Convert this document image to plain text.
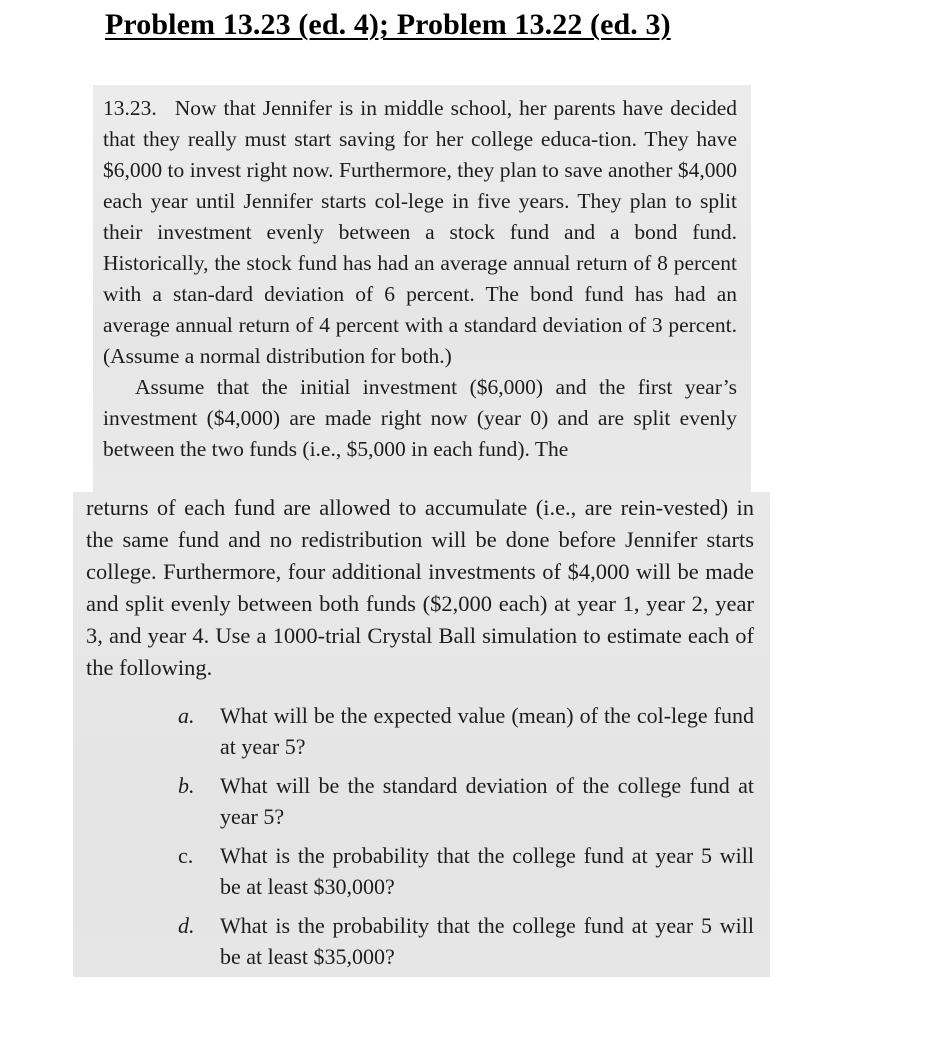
Problem 13.23 (ed. 4); Problem 13.22 (ed. 3)
13.23. Now that Jennifer is in middle school, her parents have decided that they really must start saving for her college educa-tion. They have $6,000 to invest right now. Furthermore, they plan to save another $4,000 each year until Jennifer starts col-lege in five years. They plan to split their investment evenly between a stock fund and a bond fund. Historically, the stock fund has had an average annual return of 8 percent with a stan-dard deviation of 6 percent. The bond fund has had an average annual return of 4 percent with a standard deviation of 3 percent. (Assume a normal distribution for both.)
Assume that the initial investment ($6,000) and the first year’s investment ($4,000) are made right now (year 0) and are split evenly between the two funds (i.e., $5,000 in each fund). The
returns of each fund are allowed to accumulate (i.e., are rein-vested) in the same fund and no redistribution will be done before Jennifer starts college. Furthermore, four additional investments of $4,000 will be made and split evenly between both funds ($2,000 each) at year 1, year 2, year 3, and year 4. Use a 1000-trial Crystal Ball simulation to estimate each of the following.
a.	What will be the expected value (mean) of the col-lege fund at year 5?
b.	What will be the standard deviation of the college fund at year 5?
c.	What is the probability that the college fund at year 5 will be at least $30,000?
d.	What is the probability that the college fund at year 5 will be at least $35,000?
